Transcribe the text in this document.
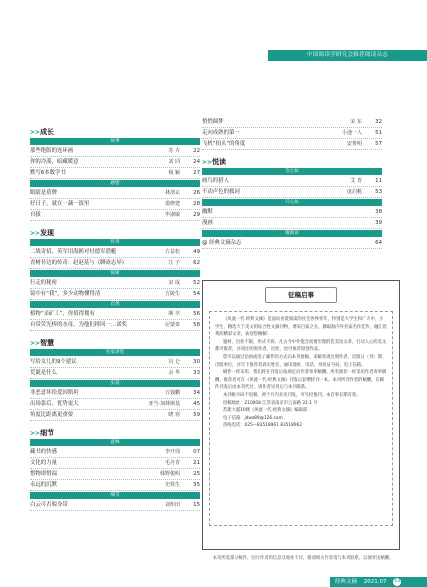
中国阅读学研究会推荐阅读杂志
>>成长
故事
那些绝版的连环画	苏 卉	22
你的冷漠，暗藏暖意	刘 同	24
默写6本数学书	杨 颖	27
感悟
眼睛是盾牌	林清玄	26
好日子，就在一蔬一饭里	裘修建	28
自拔	毕淑敏	29
>>发现
传奇
二战奇招，英军用海鸥对付德军潜艇	方益松	49
青树非边的传奇：赵赵基与《聊斋志异》	江 子	62
探索
行走的秘密	宋 成	52
镜中有“我”，多少动物懂得清	方陵生	54
自然
植物“采矿工”，你值得拥有	颜 亭	56
自带荧光棒的水母，为他们摔回一…诺奖	尼蒙泰	58
>>智慧
名家讲堂
写给女儿的9个建议	冯 仑	30
荒诞是什么	余 华	33
实说
非恶意坏给爱因斯坦	万独鹏	34
出场靠后，优势更大	亚当·加林斯基	45
角度比距离更重要	晓 寒	59
>>细节
意林
藏书的快感	李开周	07
文化的力量	毛丹青	21
惜物即惜福	韩野俊明	25
永远的沉默	史铁生	35
细节
白云可否晾身带	刘炬田	15
悄悄圆梦	宋 东	32
走向成熟的第一	小池一人	51
飞机“抬头”的角度	安鲁明	57
>>悦读
会心坊
画鸟的猎人	艾 青	11
不动声色的救词	庞启帆	53
开心坊
幽默	38
漫画	39
微阅读
@ 经典文摘杂志	64
征稿启事

《风流一代·经典文摘》是面向喜爱阅读的社会各界青年，特别是大学生和广大中、小学生、精选天下美文的综合性文摘刊物，博采百家之长，撷取海内外名家名作佳作，融汇优秀的精彩文章，欢迎您赐稿！

题材、出处不限，形式不拘，凡古今中外饱含真情至理的佳美短文章，打动人心的美文都可推荐，并请注明原作者、出处，也可推荐原创作品。

您可以通过信函或电子邮件的方式向本刊推稿，来稿务请注明作者、出版日（刊）期、出版单位，并写下推荐者真实姓名、通讯地址、电话、身份证号码、电子信箱。

稿件一经采用，我们将在刊发后按规定向作者寄奉稿酬。所有推荐一经采用作者寄奉稿酬，推荐者可在《风流一代·经典文摘》刊发后获赠样刊一本。本刊所刊作者的稿酬，在稿件刊发后由本刊代付，请作者见刊后与本刊联系。

本刊帐号码不退稿，两个月内未见刊发，可另投他刊。本启事长期有效。

投稿地址：210008 江苏省南京市云南路 31-1 号

苏建大厦10楼《风流一代·经典文摘》编辑部

电子信箱：jdwz89@126.com

热线电话：025—83518961 83518962

本刊所选部分稿件，因片作者的信息及地址不详，敬请相关作者请与本刊联系，以便寄送稿酬。
经典文摘 2021.07 03
